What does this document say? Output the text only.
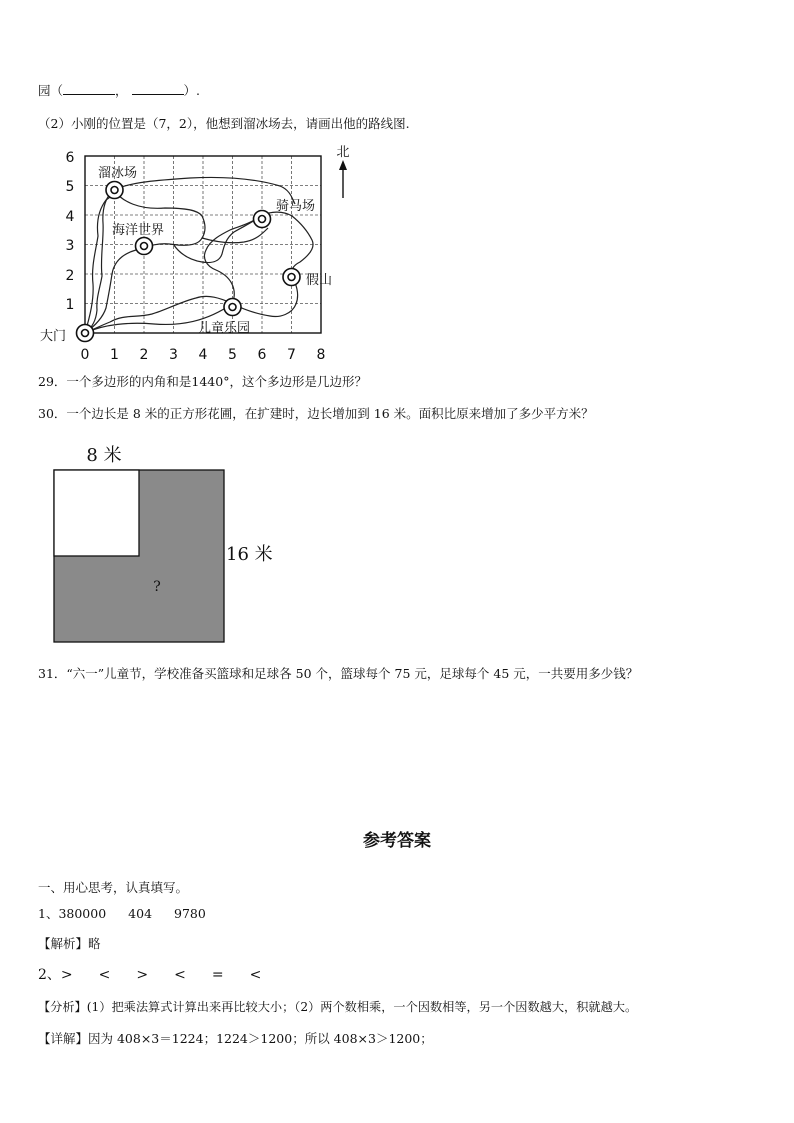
园（	，	）.
（2）小刚的位置是（7，2），他想到溜冰场去，请画出他的路线图.
6
5
4
3
2
1
0 1 2 3 4 5 6 7 8
北
溜冰场
骑马场
海洋世界
假山
儿童乐园
大门
29．一个多边形的内角和是1440°，这个多边形是几边形？
30．一个边长是 8 米的正方形花圃，在扩建时，边长增加到 16 米。面积比原来增加了多少平方米？
8 米
16 米
?
31．“六一”儿童节，学校准备买篮球和足球各 50 个，篮球每个 75 元，足球每个 45 元，一共要用多少钱？
参考答案
一、用心思考，认真填写。
1、380000 404 9780
【解析】略
2、> < > < = <
【分析】(1）把乘法算式计算出来再比较大小；（2）两个数相乘，一个因数相等，另一个因数越大，积就越大。
【详解】因为 408×3＝1224；1224＞1200；所以 408×3＞1200；
